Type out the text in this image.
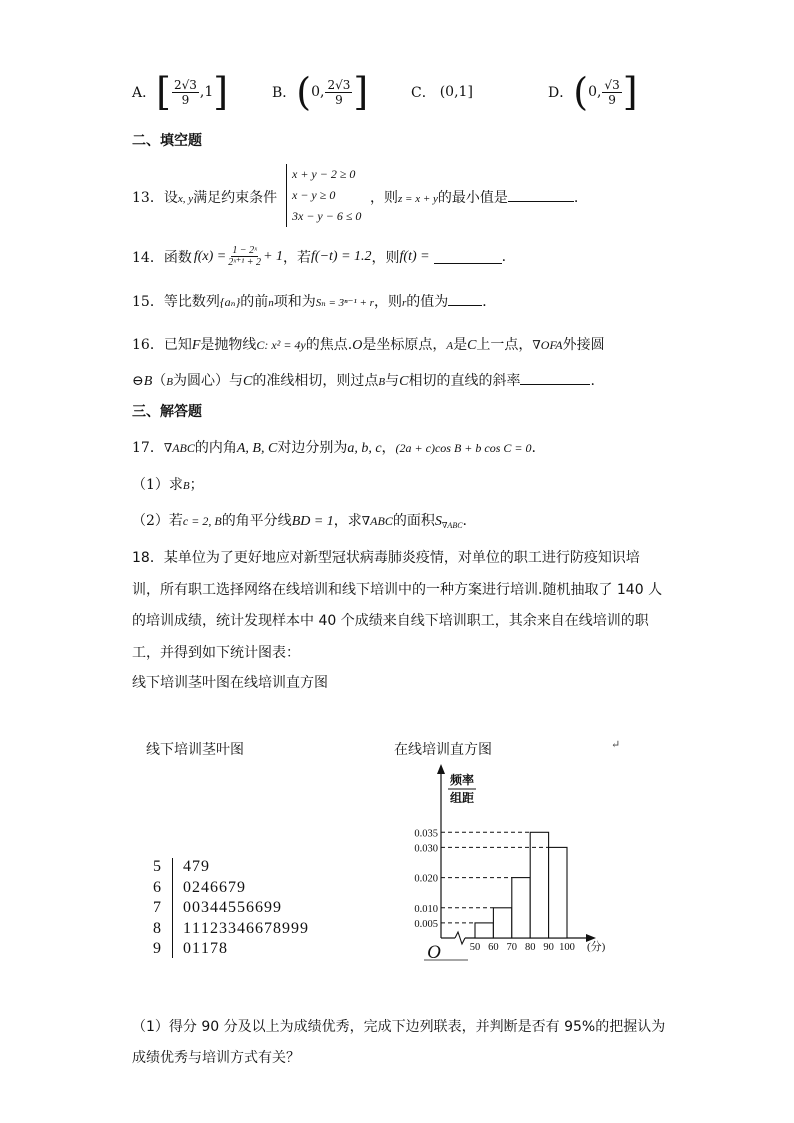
A． [ $\frac{2√3}{9} ,1$ ]	B． ( 0, $\frac{2√3}{9}$ ]	C． (0,1]	D． ( 0, $\frac{√3}{9}$ ]
二、填空题
13．设x, y满足约束条件
x + y − 2 ≥ 0
x − y ≥ 0
3x − y − 6 ≤ 0
，则z = x + y的最小值是	.
14．函数 $f(x) = \frac{\text{1 − 2ˣ}}{\text{2ˣ⁺¹ + 2}} + 1$ ，若 f(−t) = 1.2 ，则 f(t) =	.
15．等比数列{aₙ}的前n项和为Sₙ = 3ⁿ⁻¹ + r，则r的值为 ．
16．已知F是抛物线C: x² = 4y的焦点.O是坐标原点，A是C上一点，∇OFA外接圆
⊖B（B为圆心）与C的准线相切，则过点B与C相切的直线的斜率	.
三、解答题
17．∇ABC的内角A, B, C对边分别为a, b, c，(2a + c)cos B + b cos C = 0.
（1）求B；
（2）若c = 2, B的角平分线BD = 1，求∇ABC的面积$S_{\nabla ABC}$.
18．某单位为了更好地应对新型冠状病毒肺炎疫情，对单位的职工进行防疫知识培
训，所有职工选择网络在线培训和线下培训中的一种方案进行培训.随机抽取了 140 人
的培训成绩，统计发现样本中 40 个成绩来自线下培训职工，其余来自在线培训的职
工，并得到如下统计图表：
线下培训茎叶图在线培训直方图
线下培训茎叶图	在线培训直方图	↵
5 4 7 9
6 0 2 4 6 6 7 9
7 0 0 3 4 4 5 5 6 6 9 9
8 1 1 1 2 3 3 4 6 6 7 8 9 9 9
9 0 1 1 7 8
0.005
0.010
0.020
0.030
0.035
50 60 70 80 90 100 (分)
O
频率
组距
（1）得分 90 分及以上为成绩优秀，完成下边列联表，并判断是否有 95%的把握认为
成绩优秀与培训方式有关？
